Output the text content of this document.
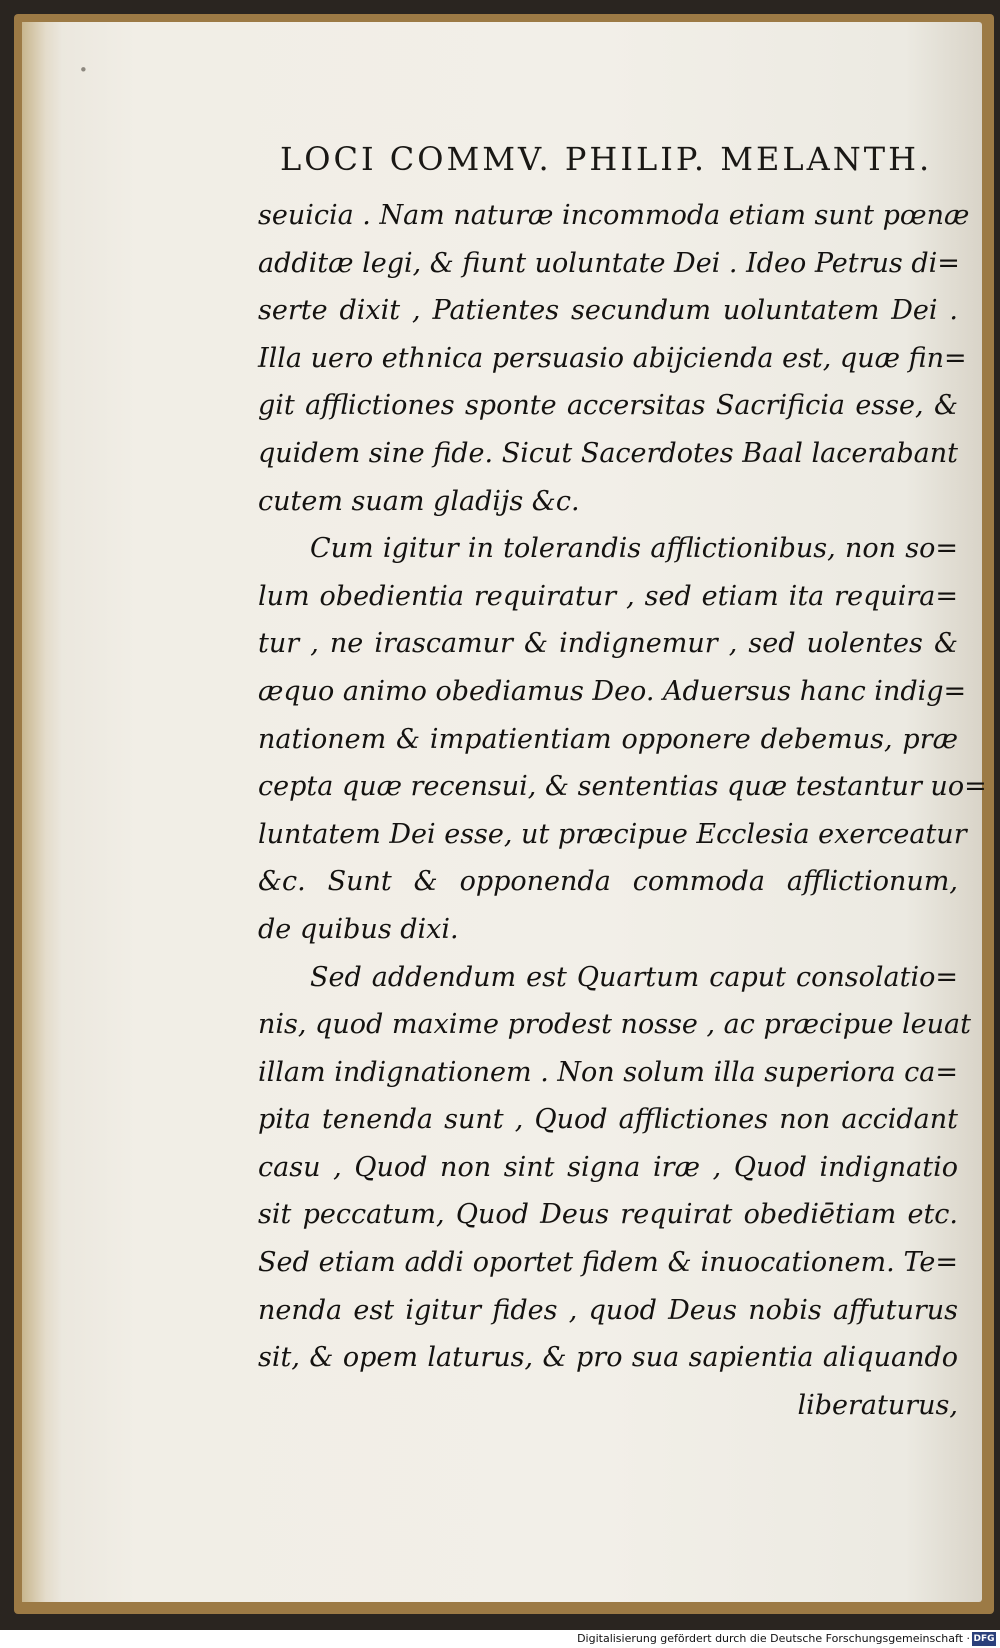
·
LOCI COMMV. PHILIP. MELANTH.
seuicia . Nam naturæ incommoda etiam sunt pœnæ
additæ legi, & fiunt uoluntate Dei . Ideo Petrus di=
serte dixit , Patientes secundum uoluntatem Dei .
Illa uero ethnica persuasio abijcienda est, quæ fin=
git afflictiones sponte accersitas Sacrificia esse, &
quidem sine fide. Sicut Sacerdotes Baal lacerabant
cutem suam gladijs &c.
Cum igitur in tolerandis afflictionibus, non so=
lum obedientia requiratur , sed etiam ita requira=
tur , ne irascamur & indignemur , sed uolentes &
æquo animo obediamus Deo. Aduersus hanc indig=
nationem & impatientiam opponere debemus, præ
cepta quæ recensui, & sententias quæ testantur uo=
luntatem Dei esse, ut præcipue Ecclesia exerceatur
&c. Sunt & opponenda commoda afflictionum,
de quibus dixi.
Sed addendum est Quartum caput consolatio=
nis, quod maxime prodest nosse , ac præcipue leuat
illam indignationem . Non solum illa superiora ca=
pita tenenda sunt , Quod afflictiones non accidant
casu , Quod non sint signa iræ , Quod indignatio
sit peccatum, Quod Deus requirat obediētiam etc.
Sed etiam addi oportet fidem & inuocationem. Te=
nenda est igitur fides , quod Deus nobis affuturus
sit, & opem laturus, & pro sua sapientia aliquando
liberaturus,
Digitalisierung gefördert durch die Deutsche Forschungsgemeinschaft · DFG
